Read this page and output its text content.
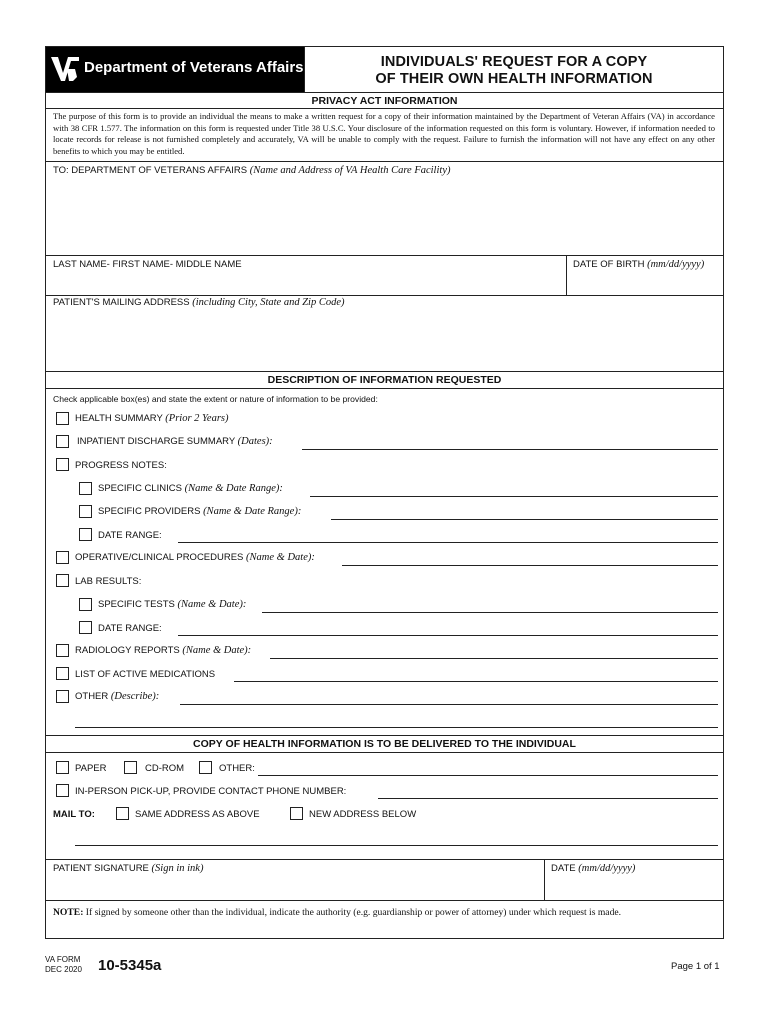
Department of Veterans Affairs	INDIVIDUALS' REQUEST FOR A COPY
OF THEIR OWN HEALTH INFORMATION
PRIVACY ACT INFORMATION
The purpose of this form is to provide an individual the means to make a written request for a copy of their information maintained by the Department of Veteran Affairs (VA) in accordance with 38 CFR 1.577. The information on this form is requested under Title 38 U.S.C. Your disclosure of the information requested on this form is voluntary. However, if information needed to locate records for release is not furnished completely and accurately, VA will be unable to comply with the request. Failure to furnish the information will not have any effect on any other benefits to which you may be entitled.
TO: DEPARTMENT OF VETERANS AFFAIRS (Name and Address of VA Health Care Facility)
LAST NAME- FIRST NAME- MIDDLE NAME	DATE OF BIRTH (mm/dd/yyyy)
PATIENT'S MAILING ADDRESS (including City, State and Zip Code)
DESCRIPTION OF INFORMATION REQUESTED
Check applicable box(es) and state the extent or nature of information to be provided:
HEALTH SUMMARY (Prior 2 Years)
INPATIENT DISCHARGE SUMMARY (Dates):
PROGRESS NOTES:
SPECIFIC CLINICS (Name & Date Range):
SPECIFIC PROVIDERS (Name & Date Range):
DATE RANGE:
OPERATIVE/CLINICAL PROCEDURES (Name & Date):
LAB RESULTS:
SPECIFIC TESTS (Name & Date):
DATE RANGE:
RADIOLOGY REPORTS (Name & Date):
LIST OF ACTIVE MEDICATIONS
OTHER (Describe):
COPY OF HEALTH INFORMATION IS TO BE DELIVERED TO THE INDIVIDUAL
PAPER	CD-ROM	OTHER:
IN-PERSON PICK-UP, PROVIDE CONTACT PHONE NUMBER:
MAIL TO:	SAME ADDRESS AS ABOVE	NEW ADDRESS BELOW
PATIENT SIGNATURE (Sign in ink)	DATE (mm/dd/yyyy)
NOTE: If signed by someone other than the individual, indicate the authority (e.g. guardianship or power of attorney) under which request is made.
VA FORM
DEC 2020 10-5345a	Page 1 of 1
